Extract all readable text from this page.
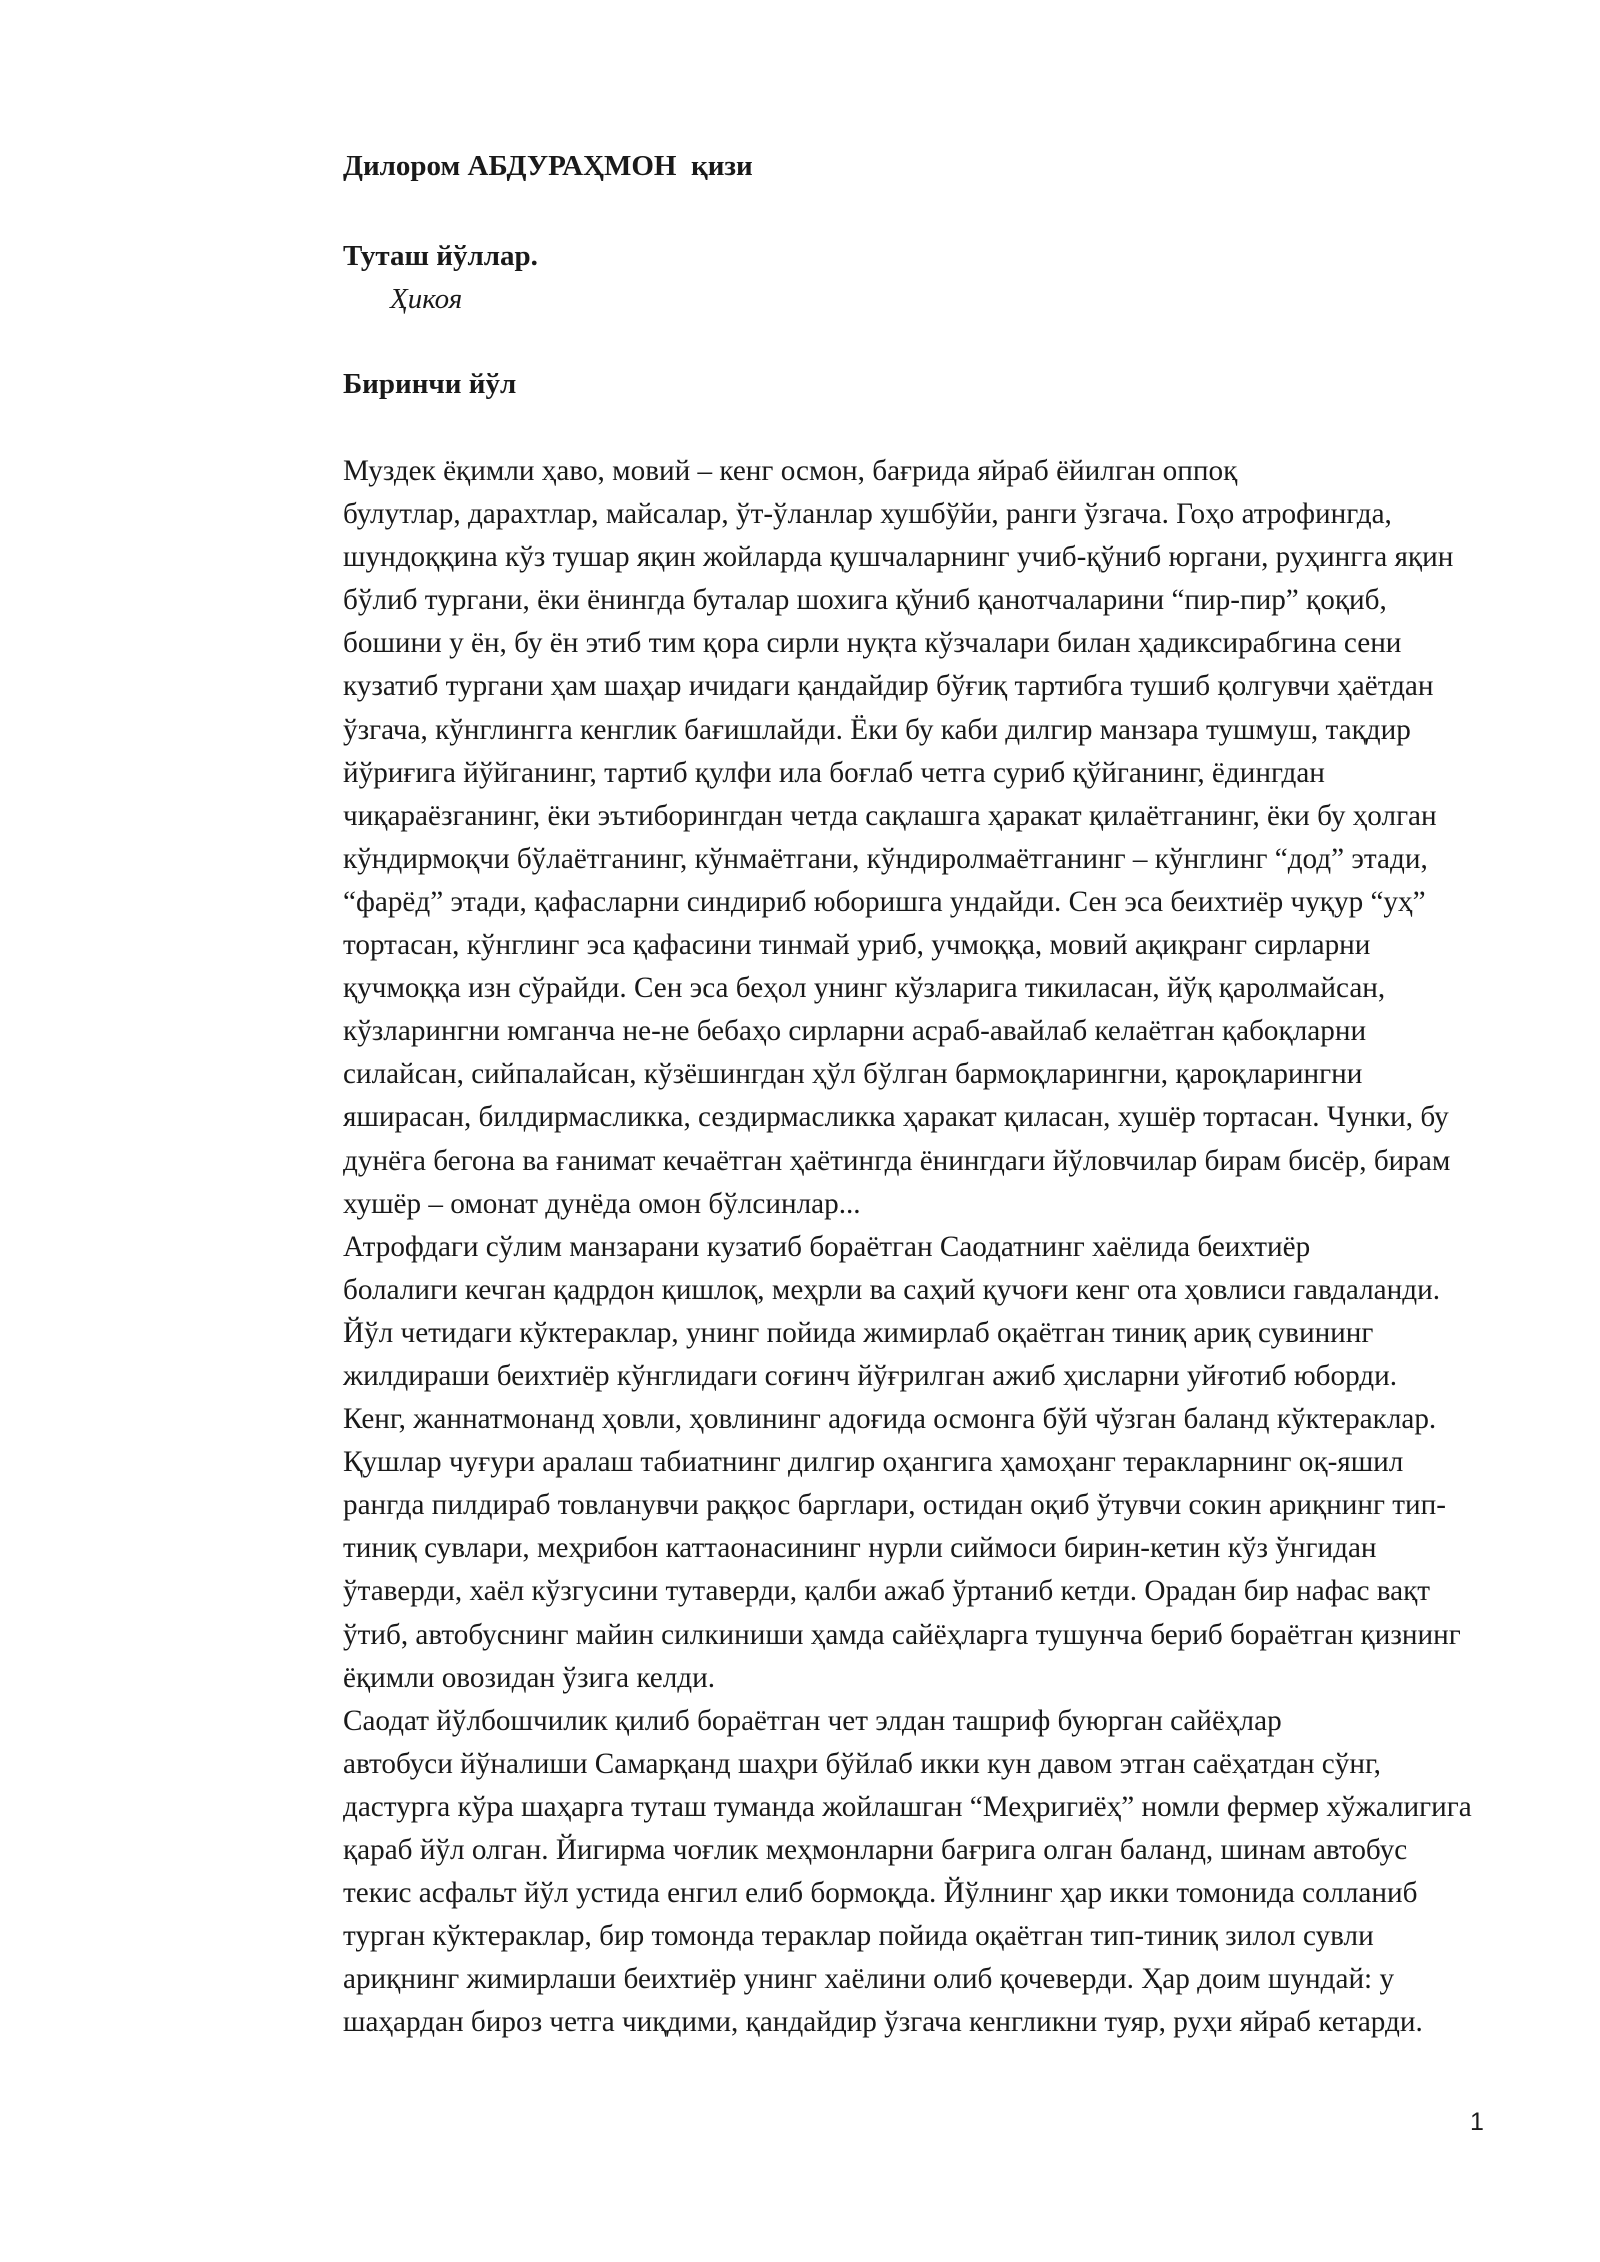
Дилором АБДУРАҲМОН  қизи
Туташ йўллар.
Ҳикоя
Биринчи йўл

Муздек ёқимли ҳаво, мовий – кенг осмон, бағрида яйраб ёйилган оппоқ
булутлар, дарахтлар, майсалар, ўт-ўланлар хушбўйи, ранги ўзгача. Гоҳо атрофингда,
шундоққина кўз тушар яқин жойларда қушчаларнинг учиб-қўниб юргани, руҳингга яқин
бўлиб тургани, ёки ёнингда буталар шохига қўниб қанотчаларини “пир-пир” қоқиб,
бошини у ён, бу ён этиб тим қора сирли нуқта кўзчалари билан ҳадиксирабгина сени
кузатиб тургани ҳам шаҳар ичидаги қандайдир бўғиқ тартибга тушиб қолгувчи ҳаётдан
ўзгача, кўнглингга кенглик бағишлайди. Ёки бу каби дилгир манзара тушмуш, тақдир
йўриғига йўйганинг, тартиб қулфи ила боғлаб четга суриб қўйганинг, ёдингдан
чиқараёзганинг, ёки эътиборингдан четда сақлашга ҳаракат қилаётганинг, ёки бу ҳолган
кўндирмоқчи бўлаётганинг, кўнмаётгани, кўндиролмаётганинг – кўнглинг “дод” этади,
“фарёд” этади, қафасларни синдириб юборишга ундайди. Сен эса беихтиёр чуқур “уҳ”
тортасан, кўнглинг эса қафасини тинмай уриб, учмоққа, мовий ақиқранг сирларни
қучмоққа изн сўрайди. Сен эса беҳол унинг кўзларига тикиласан, йўқ қаролмайсан,
кўзларингни юмганча не-не бебаҳо сирларни асраб-авайлаб келаётган қабоқларни
силайсан, сийпалайсан, кўзёшингдан ҳўл бўлган бармоқларингни, қароқларингни
яширасан, билдирмасликка, сездирмасликка ҳаракат қиласан, хушёр тортасан. Чунки, бу
дунёга бегона ва ғанимат кечаётган ҳаётингда ёнингдаги йўловчилар бирам бисёр, бирам
хушёр – омонат дунёда омон бўлсинлар...

Атрофдаги сўлим манзарани кузатиб бораётган Саодатнинг хаёлида беихтиёр
болалиги кечган қадрдон қишлоқ, меҳрли ва саҳий қучоғи кенг ота ҳовлиси гавдаланди.
Йўл четидаги кўктераклар, унинг пойида жимирлаб оқаётган тиниқ ариқ сувининг
жилдираши беихтиёр кўнглидаги соғинч йўғрилган ажиб ҳисларни уйғотиб юборди.
Кенг, жаннатмонанд ҳовли, ҳовлининг адоғида осмонга бўй чўзган баланд кўктераклар.
Қушлар чуғури аралаш табиатнинг дилгир оҳангига ҳамоҳанг теракларнинг оқ-яшил
рангда пилдираб товланувчи раққос барглари, остидан оқиб ўтувчи сокин ариқнинг тип-
тиниқ сувлари, меҳрибон каттаонасининг нурли сиймоси бирин-кетин кўз ўнгидан
ўтаверди, хаёл кўзгусини тутаверди, қалби ажаб ўртаниб кетди. Орадан бир нафас вақт
ўтиб, автобуснинг майин силкиниши ҳамда сайёҳларга тушунча бериб бораётган қизнинг
ёқимли овозидан ўзига келди.

Саодат йўлбошчилик қилиб бораётган чет элдан ташриф буюрган сайёҳлар
автобуси йўналиши Самарқанд шаҳри бўйлаб икки кун давом этган саёҳатдан сўнг,
дастурга кўра шаҳарга туташ туманда жойлашган “Меҳригиёҳ” номли фермер хўжалигига
қараб йўл олган. Йигирма чоғлик меҳмонларни бағрига олган баланд, шинам автобус
текис асфальт йўл устида енгил елиб бормоқда. Йўлнинг ҳар икки томонида солланиб
турган кўктераклар, бир томонда тераклар пойида оқаётган тип-тиниқ зилол сувли
ариқнинг жимирлаши беихтиёр унинг хаёлини олиб қочеверди. Ҳар доим шундай: у
шаҳардан бироз четга чиқдими, қандайдир ўзгача кенгликни туяр, руҳи яйраб кетарди.

1
